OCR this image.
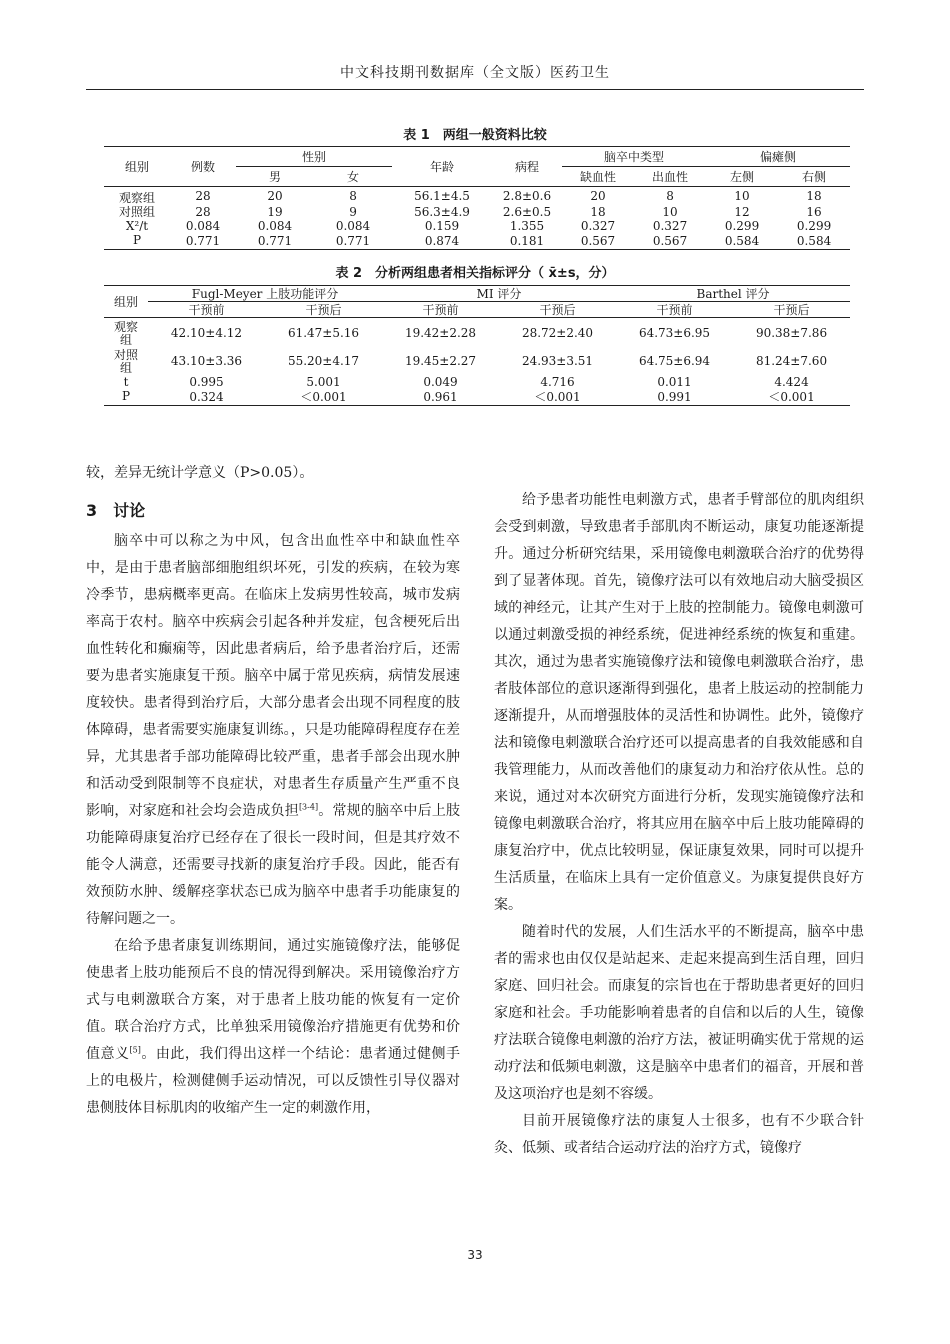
中文科技期刊数据库（全文版）医药卫生
表 1　两组一般资料比较
组别	例数	性别		年龄	病程	脑卒中类型		偏瘫侧	
		男	女			缺血性	出血性	左侧	右侧
观察组	28	20	8	56.1±4.5	2.8±0.6	20	8	10	18
对照组	28	19	9	56.3±4.9	2.6±0.5	18	10	12	16
X²/t	0.084	0.084	0.084	0.159	1.355	0.327	0.327	0.299	0.299
P	0.771	0.771	0.771	0.874	0.181	0.567	0.567	0.584	0.584
表 2　分析两组患者相关指标评分（ x̄±s，分）
组别	Fugl-Meyer 上肢功能评分		MI 评分		Barthel 评分	
	干预前	干预后	干预前	干预后	干预前	干预后
观察组	42.10±4.12	61.47±5.16	19.42±2.28	28.72±2.40	64.73±6.95	90.38±7.86
对照组	43.10±3.36	55.20±4.17	19.45±2.27	24.93±3.51	64.75±6.94	81.24±7.60
t	0.995	5.001	0.049	4.716	0.011	4.424
P	0.324	＜0.001	0.961	＜0.001	0.991	＜0.001

较，差异无统计学意义（P>0.05）。

3　讨论

脑卒中可以称之为中风，包含出血性卒中和缺血性卒中，是由于患者脑部细胞组织坏死，引发的疾病，在较为寒冷季节，患病概率更高。在临床上发病男性较高，城市发病率高于农村。脑卒中疾病会引起各种并发症，包含梗死后出血性转化和癫痫等，因此患者病后，给予患者治疗后，还需要为患者实施康复干预。脑卒中属于常见疾病，病情发展速度较快。患者得到治疗后，大部分患者会出现不同程度的肢体障碍，患者需要实施康复训练。，只是功能障碍程度存在差异，尤其患者手部功能障碍比较严重，患者手部会出现水肿和活动受到限制等不良症状，对患者生存质量产生严重不良影响，对家庭和社会均会造成负担[3-4]。常规的脑卒中后上肢功能障碍康复治疗已经存在了很长一段时间，但是其疗效不能令人满意，还需要寻找新的康复治疗手段。因此，能否有效预防水肿、缓解痉挛状态已成为脑卒中患者手功能康复的待解问题之一。

在给予患者康复训练期间，通过实施镜像疗法，能够促使患者上肢功能预后不良的情况得到解决。采用镜像治疗方式与电刺激联合方案，对于患者上肢功能的恢复有一定价值。联合治疗方式，比单独采用镜像治疗措施更有优势和价值意义[5]。由此，我们得出这样一个结论：患者通过健侧手上的电极片，检测健侧手运动情况，可以反馈性引导仪器对患侧肢体目标肌肉的收缩产生一定的刺激作用，

给予患者功能性电刺激方式，患者手臂部位的肌肉组织会受到刺激，导致患者手部肌肉不断运动，康复功能逐渐提升。通过分析研究结果，采用镜像电刺激联合治疗的优势得到了显著体现。首先，镜像疗法可以有效地启动大脑受损区域的神经元，让其产生对于上肢的控制能力。镜像电刺激可以通过刺激受损的神经系统，促进神经系统的恢复和重建。其次，通过为患者实施镜像疗法和镜像电刺激联合治疗，患者肢体部位的意识逐渐得到强化，患者上肢运动的控制能力逐渐提升，从而增强肢体的灵活性和协调性。此外，镜像疗法和镜像电刺激联合治疗还可以提高患者的自我效能感和自我管理能力，从而改善他们的康复动力和治疗依从性。总的来说，通过对本次研究方面进行分析，发现实施镜像疗法和镜像电刺激联合治疗，将其应用在脑卒中后上肢功能障碍的康复治疗中，优点比较明显，保证康复效果，同时可以提升生活质量，在临床上具有一定价值意义。为康复提供良好方案。

随着时代的发展，人们生活水平的不断提高，脑卒中患者的需求也由仅仅是站起来、走起来提高到生活自理，回归家庭、回归社会。而康复的宗旨也在于帮助患者更好的回归家庭和社会。手功能影响着患者的自信和以后的人生，镜像疗法联合镜像电刺激的治疗方法，被证明确实优于常规的运动疗法和低频电刺激，这是脑卒中患者们的福音，开展和普及这项治疗也是刻不容缓。

目前开展镜像疗法的康复人士很多，也有不少联合针灸、低频、或者结合运动疗法的治疗方式，镜像疗

33
